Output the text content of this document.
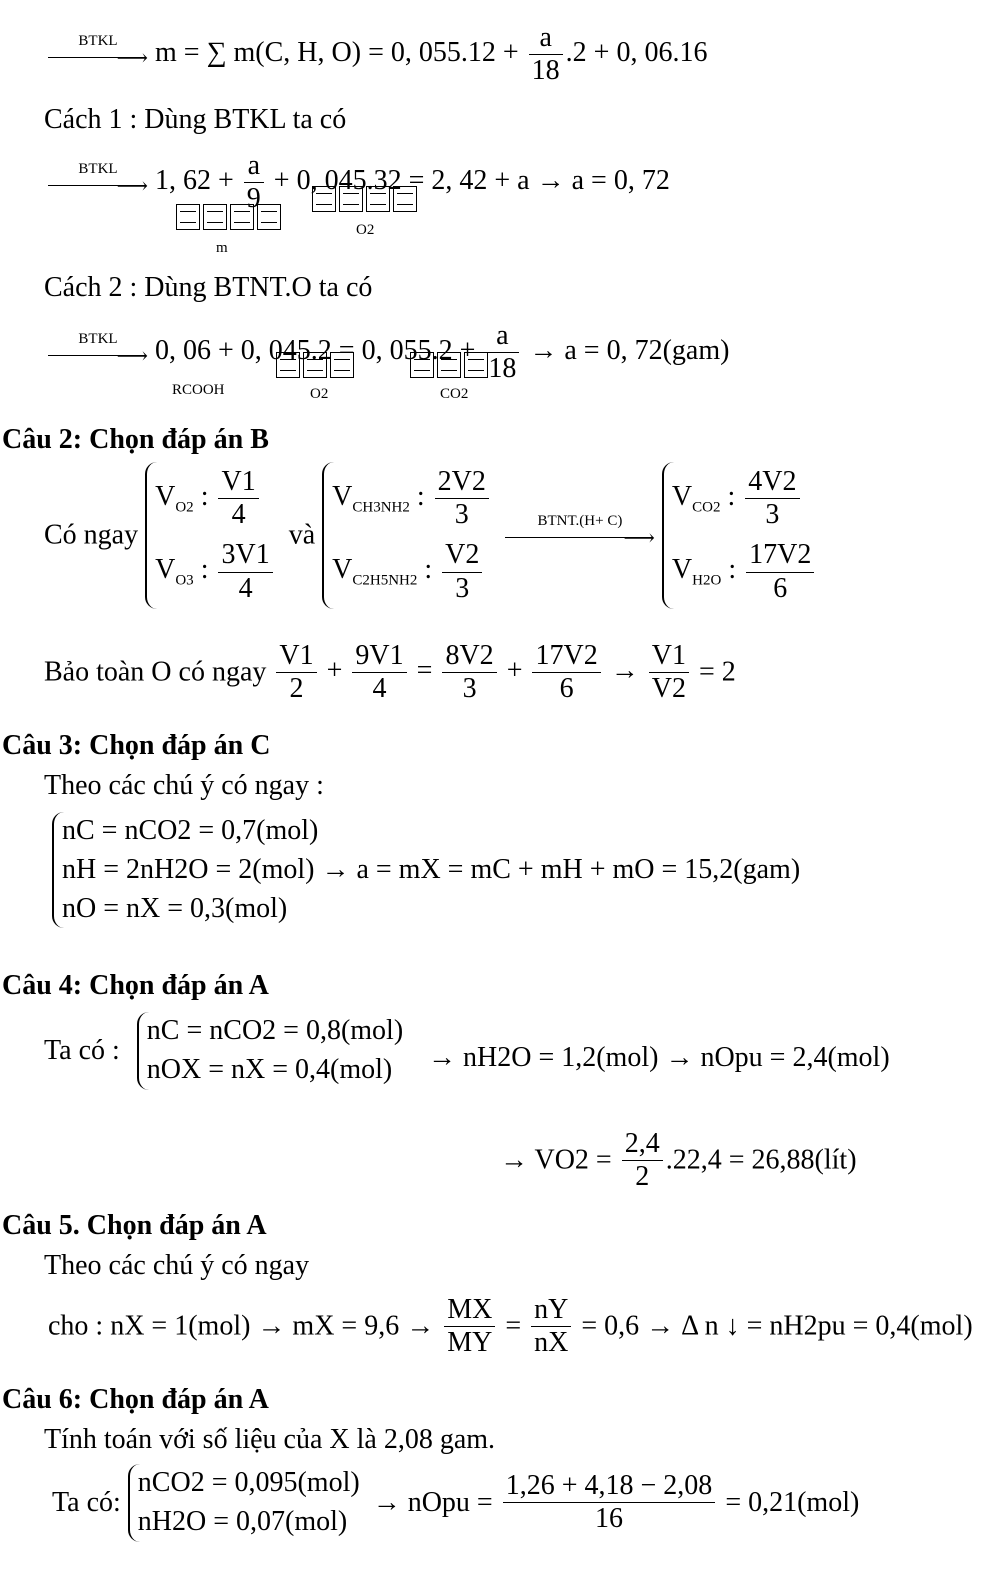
BTKL
⟶ m = ∑ m(C, H, O) = 0, $055.12 + \frac{a}{18} .2 + 0$, 06.16
Cách 1 : Dùng BTKL ta có
BTKL
⟶ 1, $62 + \frac{a}{9} + 0$, 045.32 = 2, 42 + a → a = 0, 72
m
O2
Cách 2 : Dùng BTNT.O ta có
BTKL
⟶ 0, 06 + 0, 045.2 = 0, $055.2 + \frac{a}{18} \to a = 0$, 72(gam)
RCOOH	O2	CO2
Câu 2: Chọn đáp án B
Có ngay
$V_{O2}$ : $\frac{V1}{4}$
$V_{O3}$ : $\frac{3V1}{4}$
và
$V_{CH3NH2}$ : $\frac{2V2}{3}$
$V_{C2H5NH2}$ : $\frac{V2}{3}$

BTNT.(H+ C)
⟶

$V_{CO2}$ : $\frac{4V2}{3}$
$V_{H2O}$ : $\frac{17V2}{6}$
Bảo toàn O có ngay $\frac{V1}{2} + \frac{9V1}{4} = \frac{8V2}{3} + \frac{17V2}{6} \to \frac{V1}{V2} = 2$
Câu 3: Chọn đáp án C
Theo các chú ý có ngay :
nC = nCO2 = 0,7(mol)
nH = 2nH2O = 2(mol) → a = mX = mC + mH + mO = 15,2(gam)
nO = nX = 0,3(mol)
Câu 4: Chọn đáp án A
Ta có :
nC = nCO2 = 0,8(mol)
nOX = nX = 0,4(mol)	→ nH2O = 1,2(mol) → nOpu = 2,4(mol)
→ $VO2 = \frac{2,4}{2} .22,4$ = 26,88(lít)
Câu 5. Chọn đáp án A
Theo các chú ý có ngay
cho : nX = 1(mol) → mX = $9,6 \to \frac{MX}{MY} = \frac{nY}{nX} = 0,6 \to \Delta$ n ↓ = nH2pu = 0,4(mol)
Câu 6: Chọn đáp án A
Tính toán với số liệu của X là 2,08 gam.
Ta có:
nCO2 = 0,095(mol)
nH2O = 0,07(mol)
→ nOpu = $\frac{1,26 + 4,18 - 2,08}{16} = 0,21(mol)$
